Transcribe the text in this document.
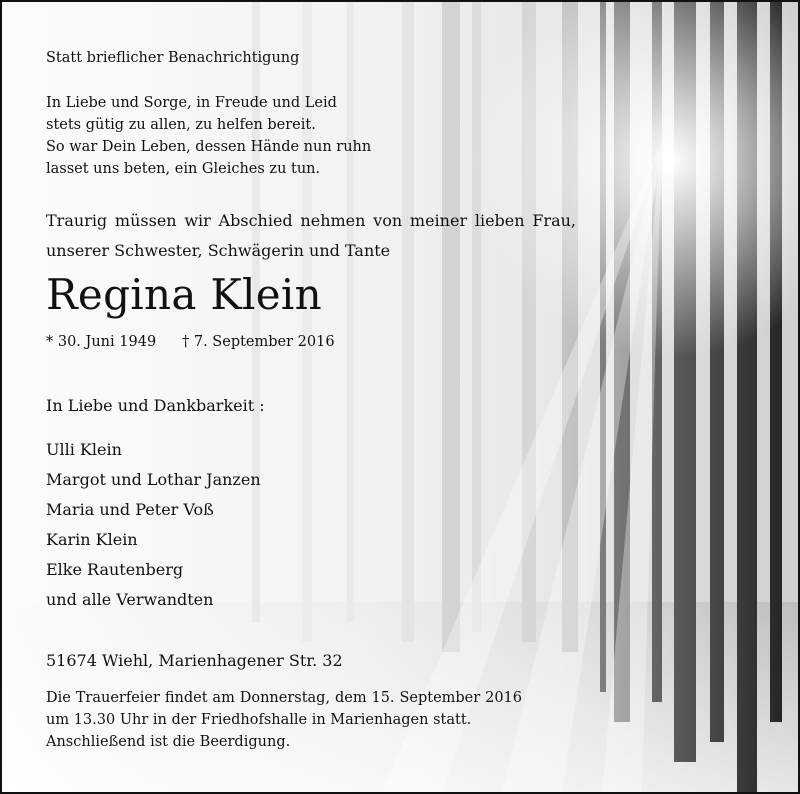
Statt brieflicher Benachrichtigung

In Liebe und Sorge, in Freude und Leid
stets gütig zu allen, zu helfen bereit.
So war Dein Leben, dessen Hände nun ruhn
lasset uns beten, ein Gleiches zu tun.
Traurig müssen wir Abschied nehmen von meiner lieben Frau,
unserer Schwester, Schwägerin und Tante

Regina Klein

* 30. Juni 1949 † 7. September 2016

In Liebe und Dankbarkeit :

Ulli Klein
Margot und Lothar Janzen
Maria und Peter Voß
Karin Klein
Elke Rautenberg
und alle Verwandten

51674 Wiehl, Marienhagener Str. 32

Die Trauerfeier findet am Donnerstag, dem 15. September 2016
um 13.30 Uhr in der Friedhofshalle in Marienhagen statt.
Anschließend ist die Beerdigung.
